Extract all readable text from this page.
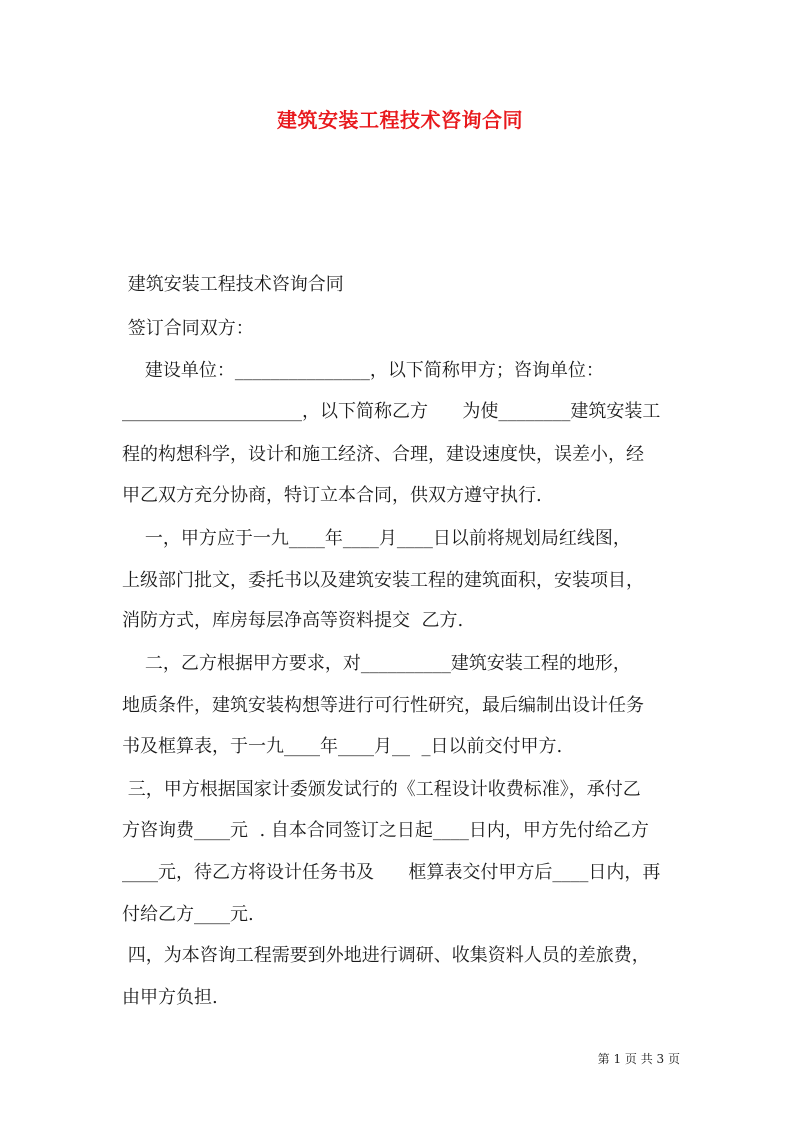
建筑安装工程技术咨询合同
建筑安装工程技术咨询合同
签订合同双方：
建设单位：_______________，以下简称甲方；咨询单位：
____________________，以下简称乙方      为使________建筑安装工
程的构想科学，设计和施工经济、合理，建设速度快，误差小，经
甲乙双方充分协商，特订立本合同，供双方遵守执行.
一，甲方应于一九____年____月____日以前将规划局红线图，
上级部门批文，委托书以及建筑安装工程的建筑面积，安装项目，
消防方式，库房每层净高等资料提交  乙方.
二，乙方根据甲方要求，对__________建筑安装工程的地形，
地质条件，建筑安装构想等进行可行性研究，最后编制出设计任务
书及框算表，于一九____年____月__  _日以前交付甲方.
三，甲方根据国家计委颁发试行的《工程设计收费标准》，承付乙
方咨询费____元  . 自本合同签订之日起____日内，甲方先付给乙方
____元，待乙方将设计任务书及      框算表交付甲方后____日内，再
付给乙方____元.
四，为本咨询工程需要到外地进行调研、收集资料人员的差旅费，
由甲方负担.
第 1 页 共 3 页
